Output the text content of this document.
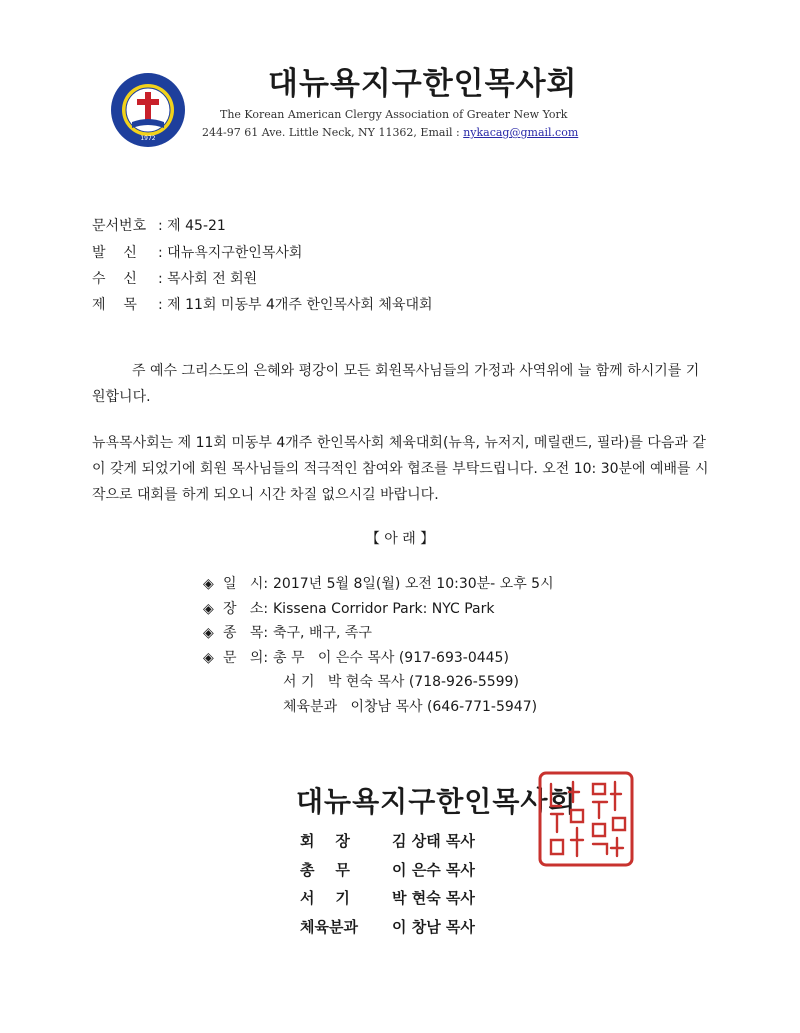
1972
대뉴욕지구한인목사회
The Korean American Clergy Association of Greater New York
244-97 61 Ave. Little Neck, NY 11362, Email : nykacag@gmail.com
문서번호 : 제 45-21
발    신 : 대뉴욕지구한인목사회
수    신 : 목사회 전 회원
제    목 : 제 11회 미동부 4개주 한인목사회 체육대회
주 예수 그리스도의 은혜와 평강이 모든 회원목사님들의 가정과 사역위에 늘 함께 하시기를 기원합니다.
뉴욕목사회는 제 11회 미동부 4개주 한인목사회 체육대회(뉴욕, 뉴저지, 메릴랜드, 필라)를 다음과 같이 갖게 되었기에 회원 목사님들의 적극적인 참여와 협조를 부탁드립니다. 오전 10: 30분에 예배를 시작으로 대회를 하게 되오니 시간 차질 없으시길 바랍니다.
【 아 래 】
◈ 일   시: 2017년 5월 8일(월) 오전 10:30분- 오후 5시
◈ 장   소: Kissena Corridor Park: NYC Park
◈ 종   목: 축구, 배구, 족구
◈ 문   의: 총 무   이 은수 목사 (917-693-0445)
서 기   박 현숙 목사 (718-926-5599)
체육분과   이창남 목사 (646-771-5947)
대뉴욕지구한인목사회
회    장	김 상태 목사
총    무	이 은수 목사
서    기	박 현숙 목사
체육분과 이 창남 목사
